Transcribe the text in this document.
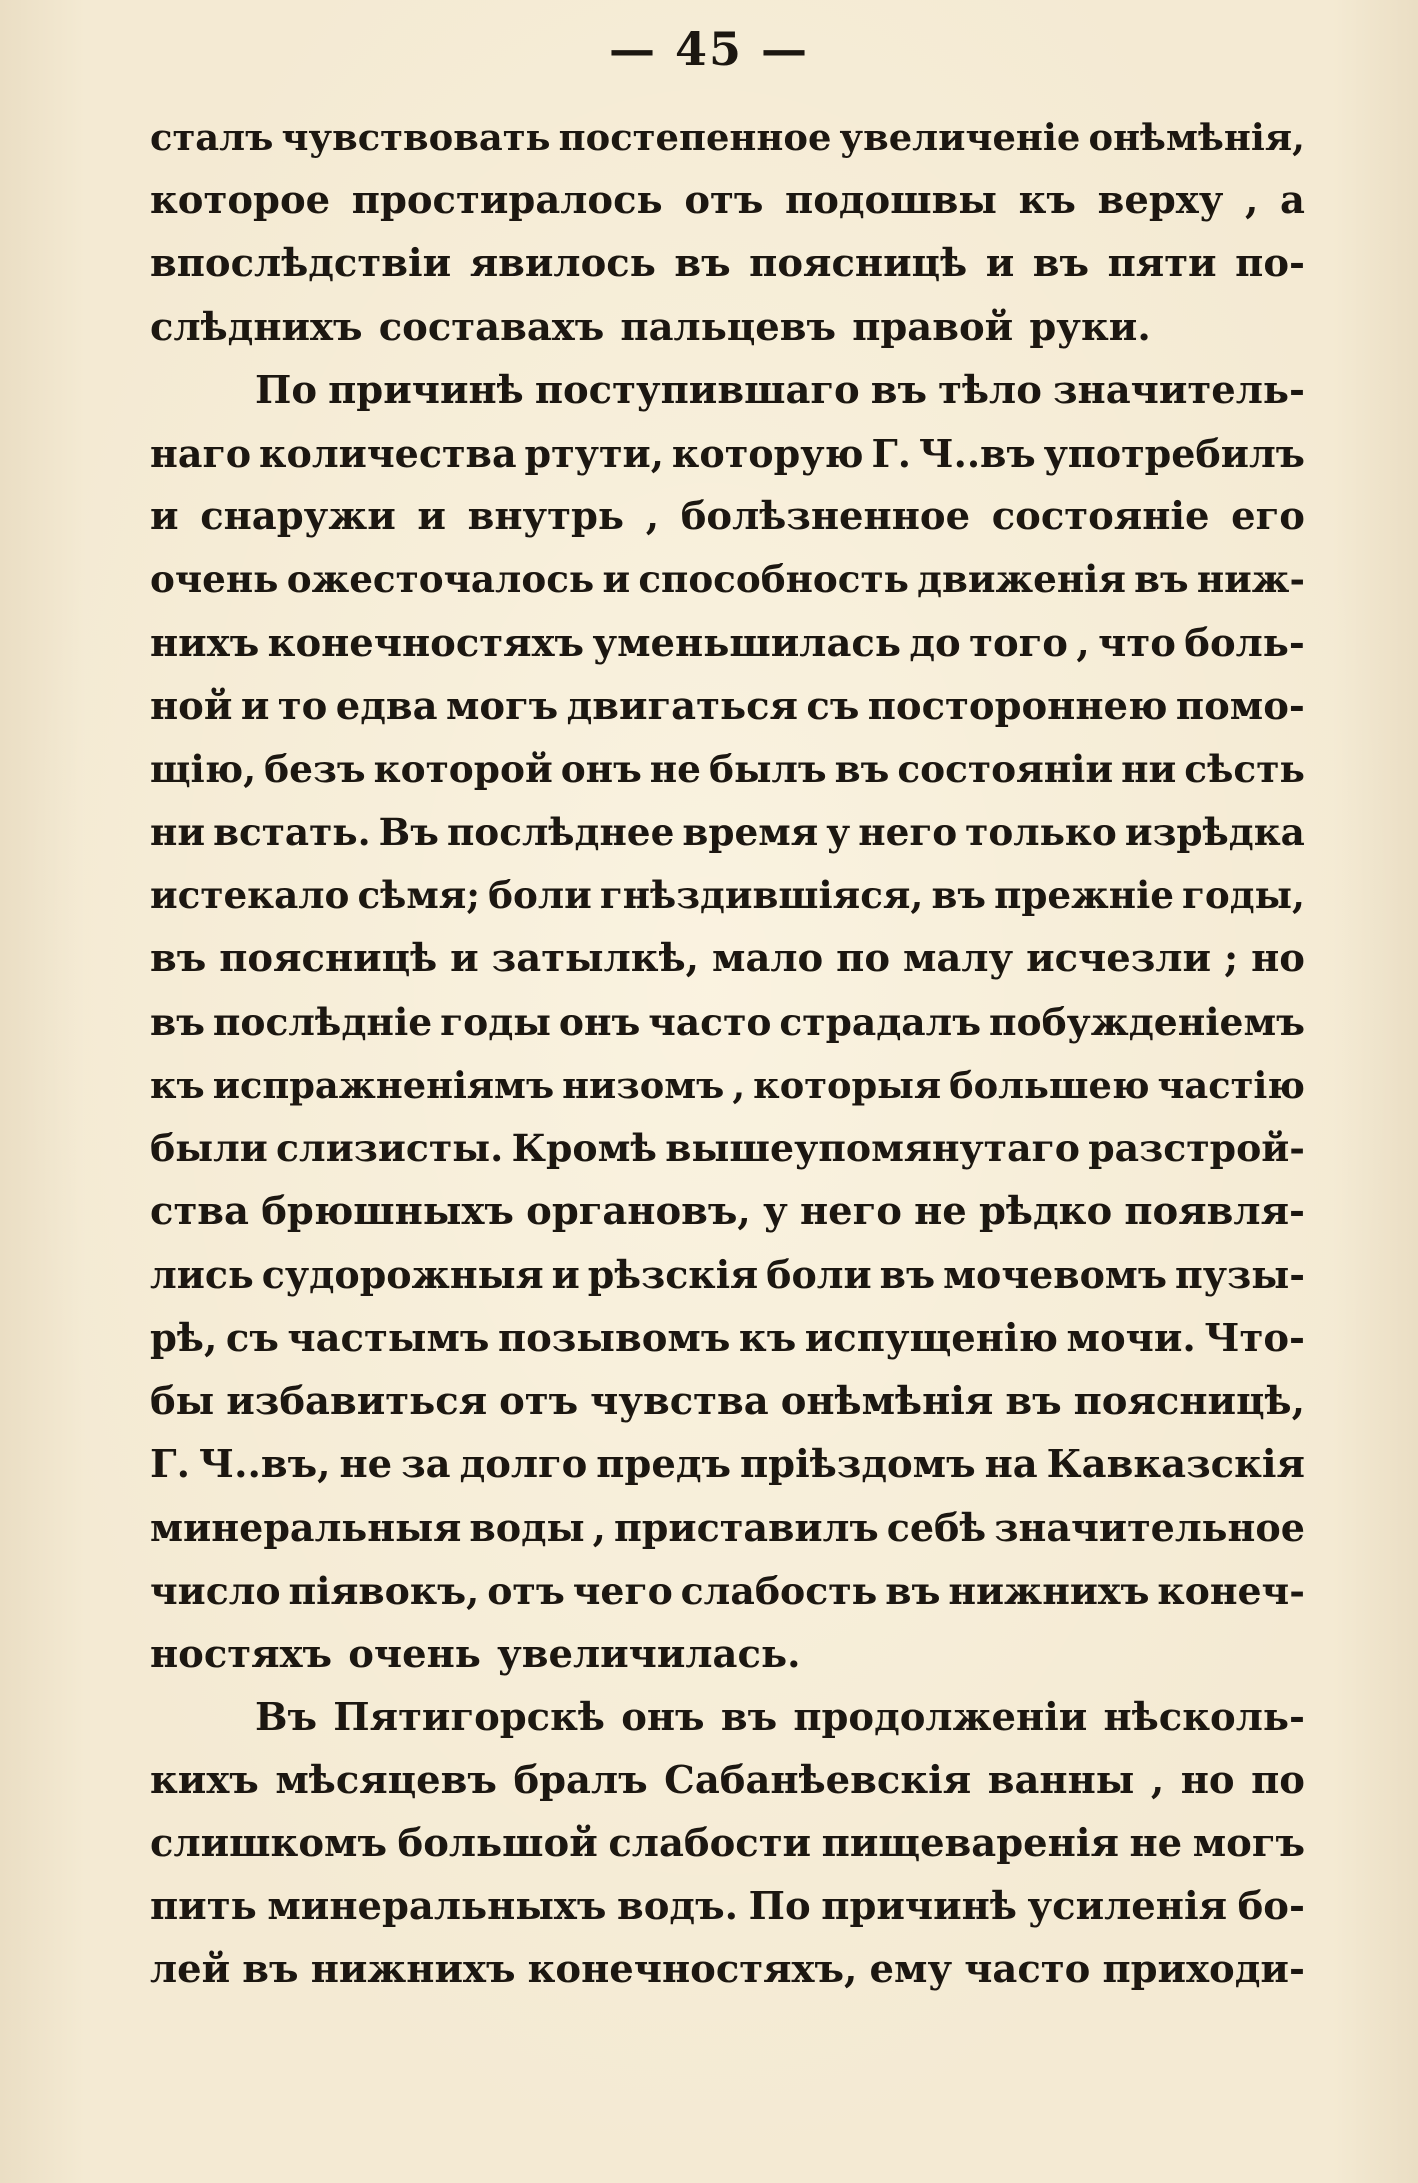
— 45 —
сталъ чувствовать постепенное увеличеніе онѣмѣнія,
которое простиралось отъ подошвы къ верху , а
впослѣдствіи явилось въ поясницѣ и въ пяти по-
слѣднихъ составахъ пальцевъ правой руки.
По причинѣ поступившаго въ тѣло значитель-
наго количества ртути, которую Г. Ч..въ употребилъ
и снаружи и внутрь , болѣзненное состояніе его
очень ожесточалось и способность движенія въ ниж-
нихъ конечностяхъ уменьшилась до того , что боль-
ной и то едва могъ двигаться съ постороннею помо-
щію, безъ которой онъ не былъ въ состояніи ни сѣсть
ни встать. Въ послѣднее время у него только изрѣдка
истекало сѣмя; боли гнѣздившіяся, въ прежніе годы,
въ поясницѣ и затылкѣ, мало по малу исчезли ; но
въ послѣдніе годы онъ часто страдалъ побужденіемъ
къ испражненіямъ низомъ , которыя большею частію
были слизисты. Кромѣ вышеупомянутаго разстрой-
ства брюшныхъ органовъ, у него не рѣдко появля-
лись судорожныя и рѣзскія боли въ мочевомъ пузы-
рѣ, съ частымъ позывомъ къ испущенію мочи. Что-
бы избавиться отъ чувства онѣмѣнія въ поясницѣ,
Г. Ч..въ, не за долго предъ пріѣздомъ на Кавказскія
минеральныя воды , приставилъ себѣ значительное
число піявокъ, отъ чего слабость въ нижнихъ конеч-
ностяхъ очень увеличилась.
Въ Пятигорскѣ онъ въ продолженіи нѣсколь-
кихъ мѣсяцевъ бралъ Сабанѣевскія ванны , но по
слишкомъ большой слабости пищеваренія не могъ
пить минеральныхъ водъ. По причинѣ усиленія бо-
лей въ нижнихъ конечностяхъ, ему часто приходи-
